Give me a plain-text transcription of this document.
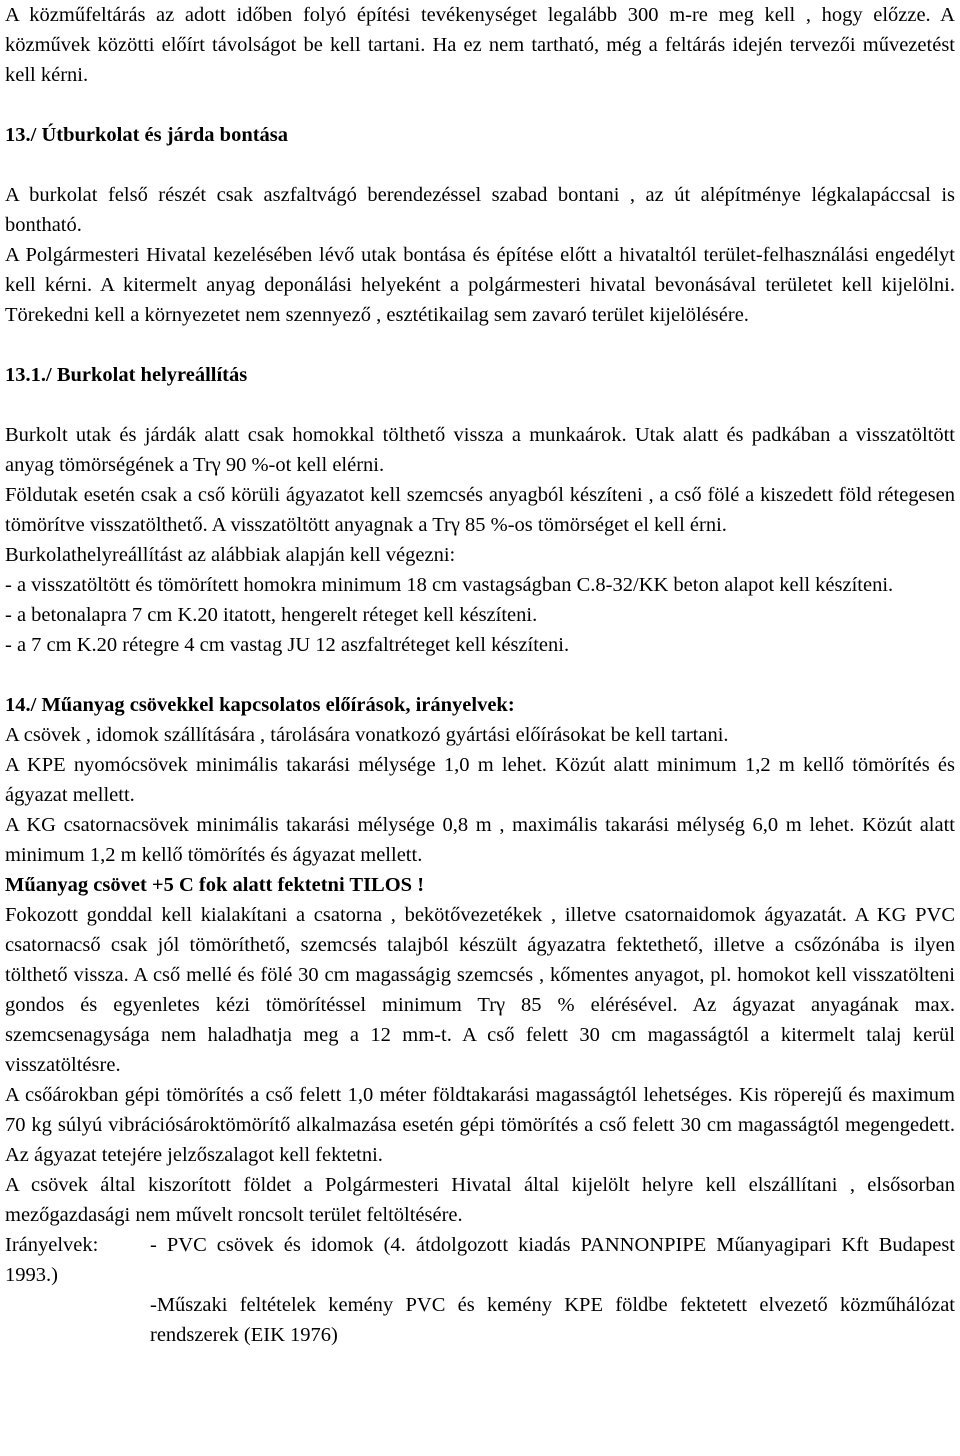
A közműfeltárás az adott időben folyó építési tevékenységet legalább 300 m-re meg kell , hogy előzze. A közművek közötti előírt távolságot be kell tartani. Ha ez nem tartható, még a feltárás idején tervezői művezetést kell kérni.

13./ Útburkolat és járda bontása

A burkolat felső részét csak aszfaltvágó berendezéssel szabad bontani , az út alépítménye légkalapáccsal is bontható.

A Polgármesteri Hivatal kezelésében lévő utak bontása és építése előtt a hivataltól terület-felhasználási engedélyt kell kérni. A kitermelt anyag deponálási helyeként a polgármesteri hivatal bevonásával területet kell kijelölni. Törekedni kell a környezetet nem szennyező , esztétikailag sem zavaró terület kijelölésére.

13.1./ Burkolat helyreállítás

Burkolt utak és járdák alatt csak homokkal tölthető vissza a munkaárok. Utak alatt és padkában a visszatöltött anyag tömörségének a Trγ 90 %-ot kell elérni.

Földutak esetén csak a cső körüli ágyazatot kell szemcsés anyagból készíteni , a cső fölé a kiszedett föld rétegesen tömörítve visszatölthető. A visszatöltött anyagnak a Trγ 85 %-os tömörséget el kell érni.

Burkolathelyreállítást az alábbiak alapján kell végezni:

- a visszatöltött és tömörített homokra minimum 18 cm vastagságban C.8-32/KK beton alapot kell készíteni.

- a betonalapra 7 cm K.20 itatott, hengerelt réteget kell készíteni.

- a 7 cm K.20 rétegre 4 cm vastag JU 12 aszfaltréteget kell készíteni.

14./ Műanyag csövekkel kapcsolatos előírások, irányelvek:

A csövek , idomok szállítására , tárolására vonatkozó gyártási előírásokat be kell tartani.

A KPE nyomócsövek minimális takarási mélysége 1,0 m lehet. Közút alatt minimum 1,2 m kellő tömörítés és ágyazat mellett.

A KG csatornacsövek minimális takarási mélysége 0,8 m , maximális takarási mélység 6,0 m lehet. Közút alatt minimum 1,2 m kellő tömörítés és ágyazat mellett.

Műanyag csövet +5 C fok alatt fektetni TILOS !

Fokozott gonddal kell kialakítani a csatorna , bekötővezetékek , illetve csatornaidomok ágyazatát. A KG PVC csatornacső csak jól tömöríthető, szemcsés talajból készült ágyazatra fektethető, illetve a csőzónába is ilyen tölthető vissza. A cső mellé és fölé 30 cm magasságig szemcsés , kőmentes anyagot, pl. homokot kell visszatölteni gondos és egyenletes kézi tömörítéssel minimum Trγ 85 % elérésével. Az ágyazat anyagának max. szemcsenagysága nem haladhatja meg a 12 mm-t. A cső felett 30 cm magasságtól a kitermelt talaj kerül visszatöltésre.

A csőárokban gépi tömörítés a cső felett 1,0 méter földtakarási magasságtól lehetséges. Kis röperejű és maximum 70 kg súlyú vibrációsároktömörítő alkalmazása esetén gépi tömörítés a cső felett 30 cm magasságtól megengedett. Az ágyazat tetejére jelzőszalagot kell fektetni.

A csövek által kiszorított földet a Polgármesteri Hivatal által kijelölt helyre kell elszállítani , elsősorban mezőgazdasági nem művelt roncsolt terület feltöltésére.

Irányelvek:	- PVC csövek és idomok (4. átdolgozott kiadás PANNONPIPE Műanyagipari Kft Budapest 1993.)

-Műszaki feltételek kemény PVC és kemény KPE földbe fektetett elvezető közműhálózat rendszerek (EIK 1976)
